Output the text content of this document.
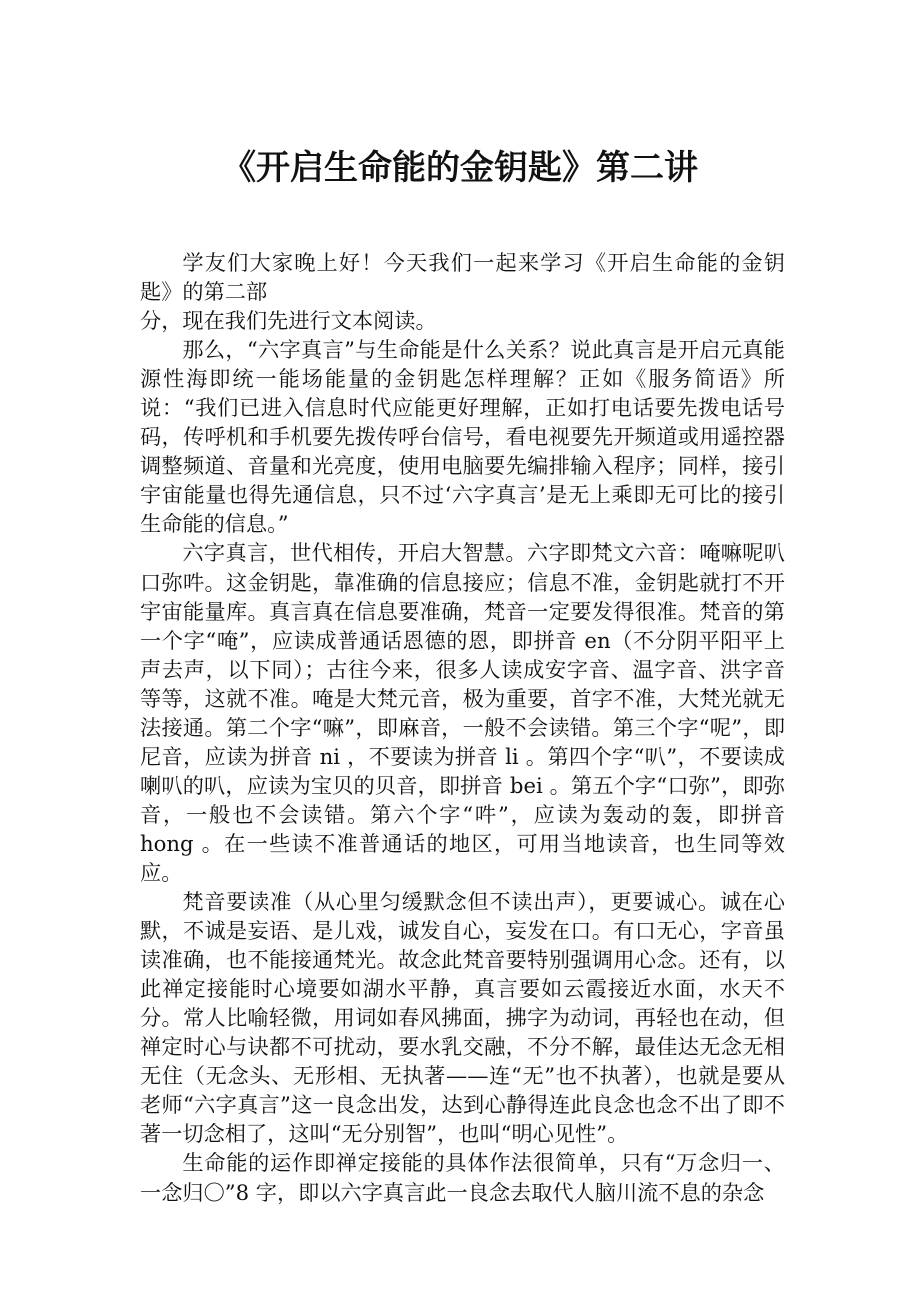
《开启生命能的金钥匙》第二讲

学友们大家晚上好！今天我们一起来学习《开启生命能的金钥匙》的第二部

分，现在我们先进行文本阅读。

那么，“六字真言”与生命能是什么关系？说此真言是开启元真能源性海即统一能场能量的金钥匙怎样理解？正如《服务简语》所说：“我们已进入信息时代应能更好理解，正如打电话要先拨电话号码，传呼机和手机要先拨传呼台信号，看电视要先开频道或用遥控器调整频道、音量和光亮度，使用电脑要先编排输入程序；同样，接引宇宙能量也得先通信息，只不过‘六字真言’是无上乘即无可比的接引生命能的信息。”

六字真言，世代相传，开启大智慧。六字即梵文六音：唵嘛呢叭口弥吽。这金钥匙，靠准确的信息接应；信息不准，金钥匙就打不开宇宙能量库。真言真在信息要准确，梵音一定要发得很准。梵音的第一个字“唵”，应读成普通话恩德的恩，即拼音 en（不分阴平阳平上声去声，以下同）；古往今来，很多人读成安字音、温字音、洪字音等等，这就不准。唵是大梵元音，极为重要，首字不准，大梵光就无法接通。第二个字“嘛”，即麻音，一般不会读错。第三个字“呢”，即尼音，应读为拼音 ni ，不要读为拼音 li 。第四个字“叭”，不要读成喇叭的叭，应读为宝贝的贝音，即拼音 bei 。第五个字“口弥”，即弥音，一般也不会读错。第六个字“吽”，应读为轰动的轰，即拼音 hong 。在一些读不准普通话的地区，可用当地读音，也生同等效应。

梵音要读准（从心里匀缓默念但不读出声），更要诚心。诚在心默，不诚是妄语、是儿戏，诚发自心，妄发在口。有口无心，字音虽读准确，也不能接通梵光。故念此梵音要特别强调用心念。还有，以此禅定接能时心境要如湖水平静，真言要如云霞接近水面，水天不分。常人比喻轻微，用词如春风拂面，拂字为动词，再轻也在动，但禅定时心与诀都不可扰动，要水乳交融，不分不解，最佳达无念无相无住（无念头、无形相、无执著——连“无”也不执著），也就是要从老师“六字真言”这一良念出发，达到心静得连此良念也念不出了即不著一切念相了，这叫“无分别智”，也叫“明心见性”。

生命能的运作即禅定接能的具体作法很简单，只有“万念归一、一念归〇”8 字，即以六字真言此一良念去取代人脑川流不息的杂念
